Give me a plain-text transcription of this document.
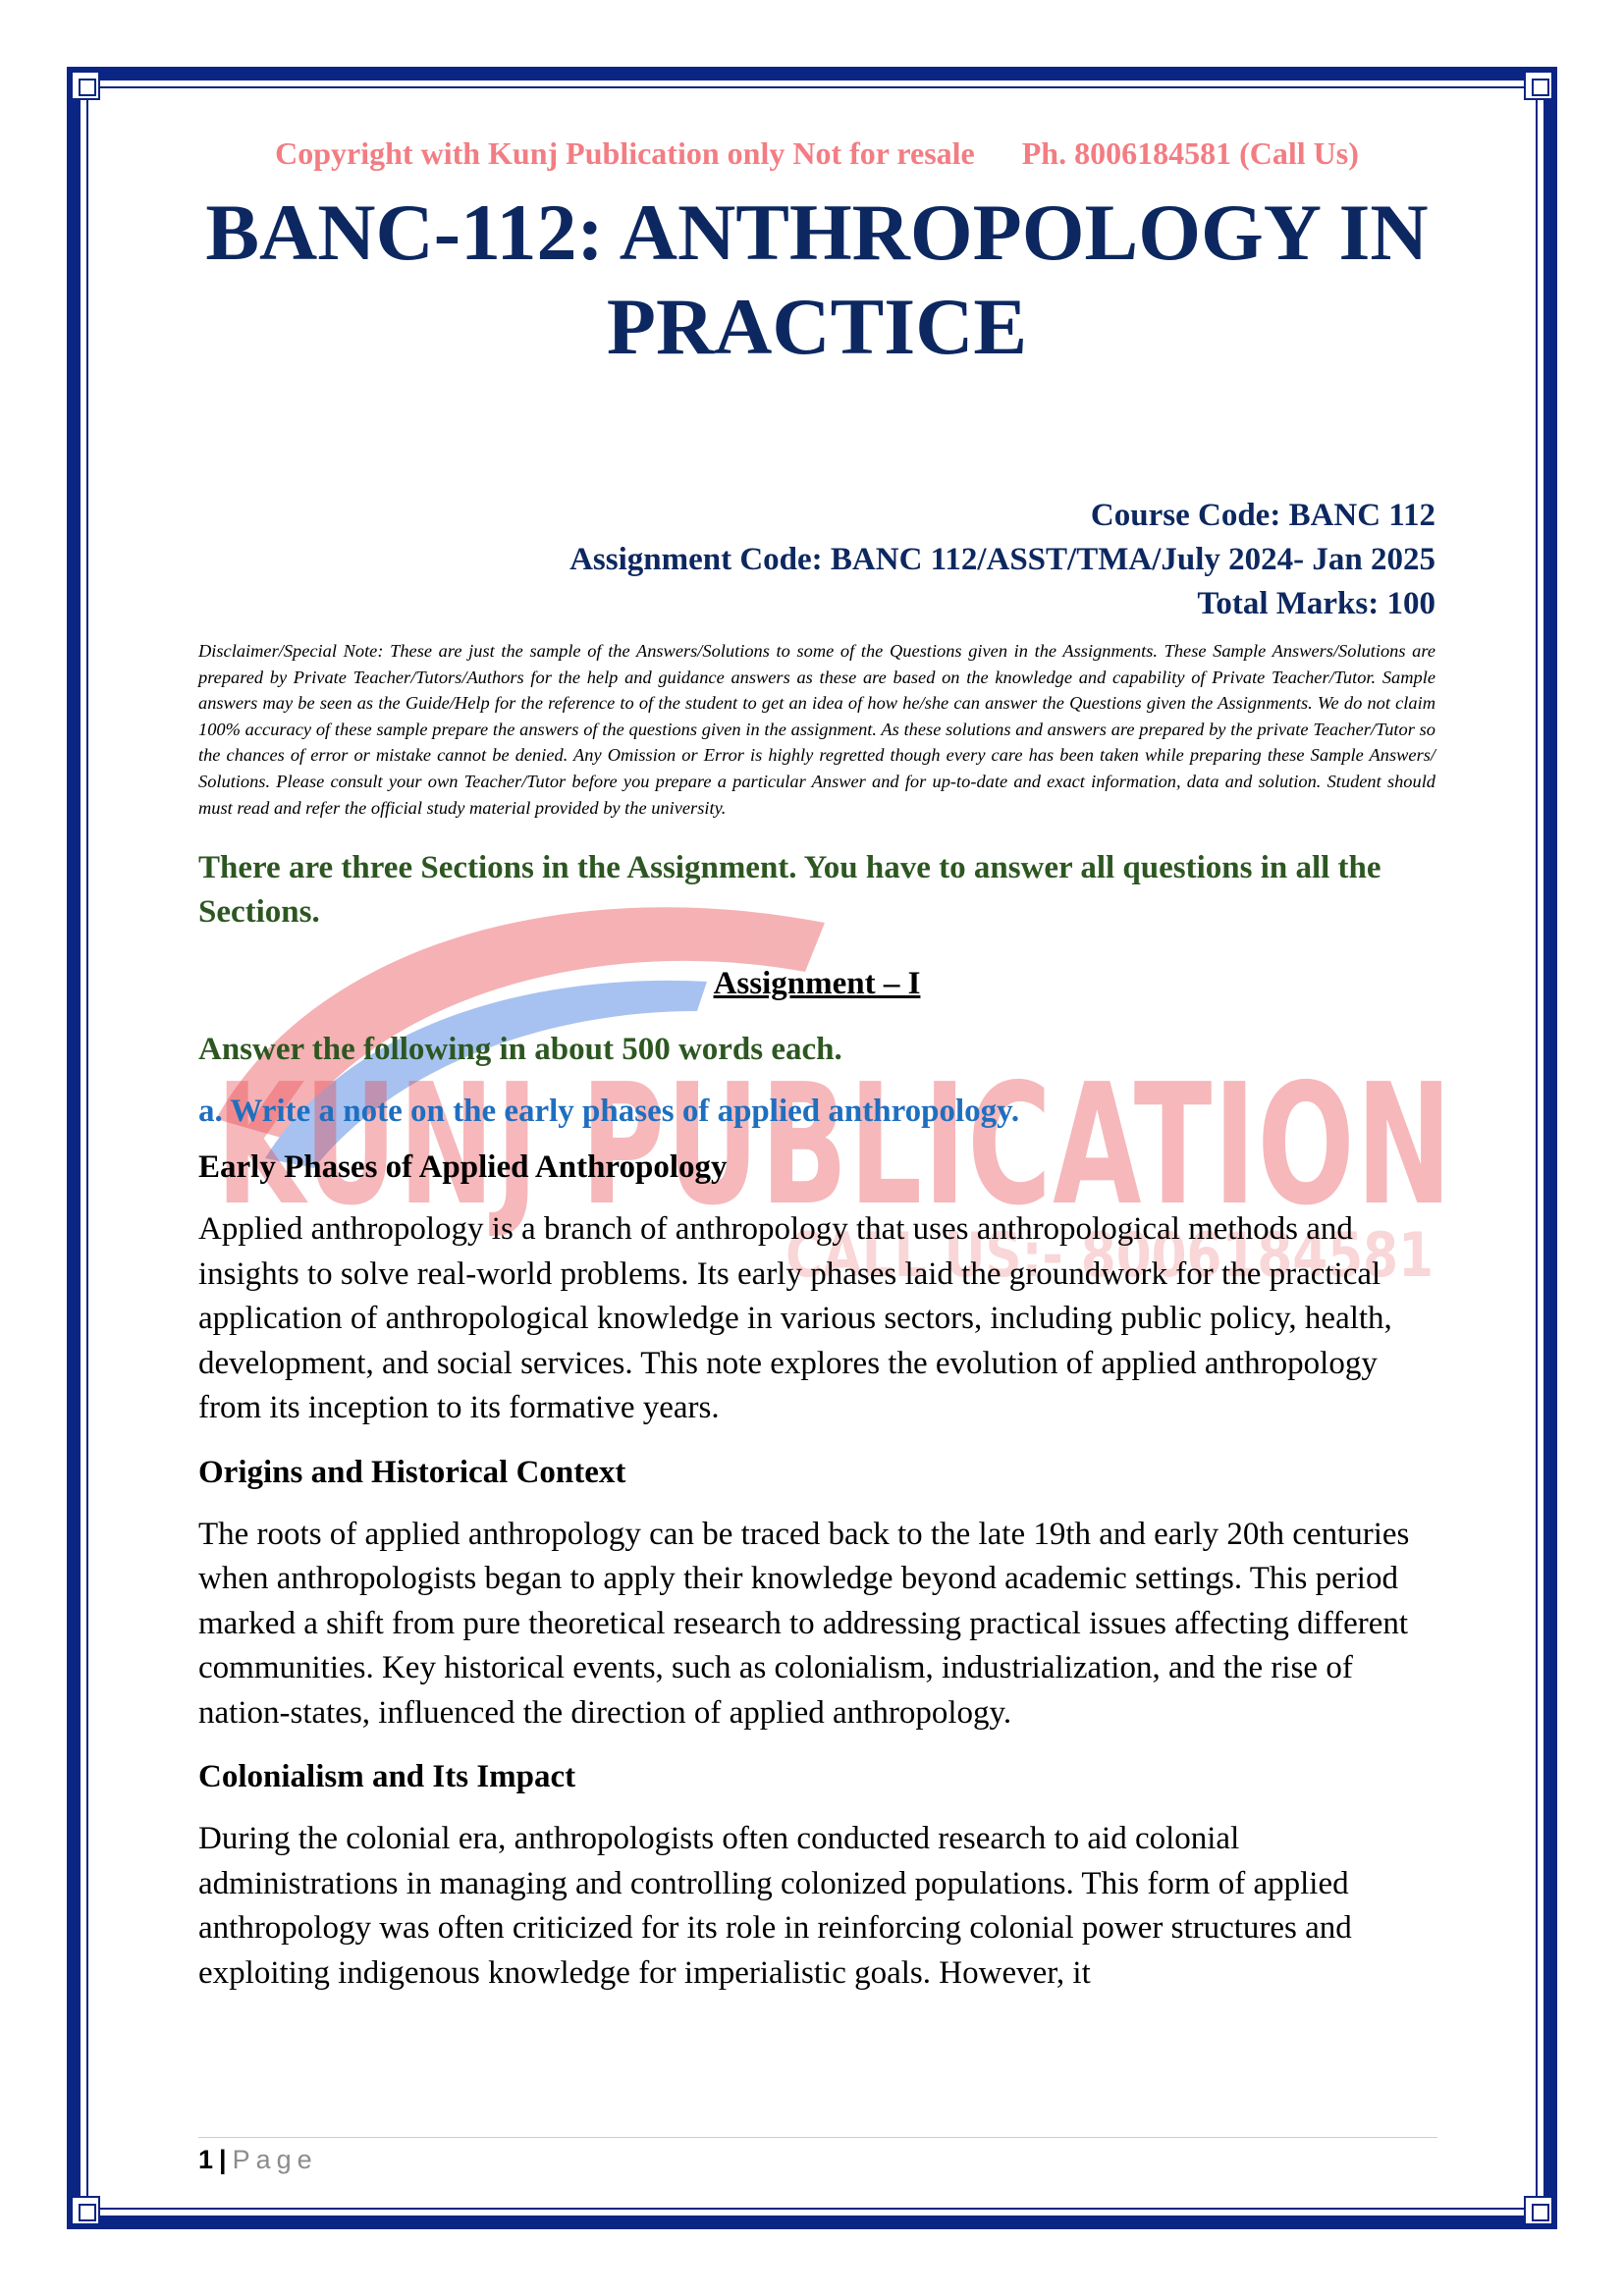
KUNJ PUBLICATION
CALL US:- 8006184581
Copyright with Kunj Publication only Not for resale Ph. 8006184581 (Call Us)
BANC-112: ANTHROPOLOGY IN
PRACTICE
Course Code: BANC 112
Assignment Code: BANC 112/ASST/TMA/July 2024- Jan 2025
Total Marks: 100
Disclaimer/Special Note: These are just the sample of the Answers/Solutions to some of the Questions given in the Assignments. These Sample Answers/Solutions are prepared by Private Teacher/Tutors/Authors for the help and guidance answers as these are based on the knowledge and capability of Private Teacher/Tutor. Sample answers may be seen as the Guide/Help for the reference to of the student to get an idea of how he/she can answer the Questions given the Assignments. We do not claim 100% accuracy of these sample prepare the answers of the questions given in the assignment. As these solutions and answers are prepared by the private Teacher/Tutor so the chances of error or mistake cannot be denied. Any Omission or Error is highly regretted though every care has been taken while preparing these Sample Answers/ Solutions. Please consult your own Teacher/Tutor before you prepare a particular Answer and for up-to-date and exact information, data and solution. Student should must read and refer the official study material provided by the university.
There are three Sections in the Assignment. You have to answer all questions in all the Sections.
Assignment – I
Answer the following in about 500 words each.
a. Write a note on the early phases of applied anthropology.
Early Phases of Applied Anthropology
Applied anthropology is a branch of anthropology that uses anthropological methods and insights to solve real-world problems. Its early phases laid the groundwork for the practical application of anthropological knowledge in various sectors, including public policy, health, development, and social services. This note explores the evolution of applied anthropology from its inception to its formative years.
Origins and Historical Context
The roots of applied anthropology can be traced back to the late 19th and early 20th centuries when anthropologists began to apply their knowledge beyond academic settings. This period marked a shift from pure theoretical research to addressing practical issues affecting different communities. Key historical events, such as colonialism, industrialization, and the rise of nation-states, influenced the direction of applied anthropology.
Colonialism and Its Impact
During the colonial era, anthropologists often conducted research to aid colonial administrations in managing and controlling colonized populations. This form of applied anthropology was often criticized for its role in reinforcing colonial power structures and exploiting indigenous knowledge for imperialistic goals. However, it
1 | Page
